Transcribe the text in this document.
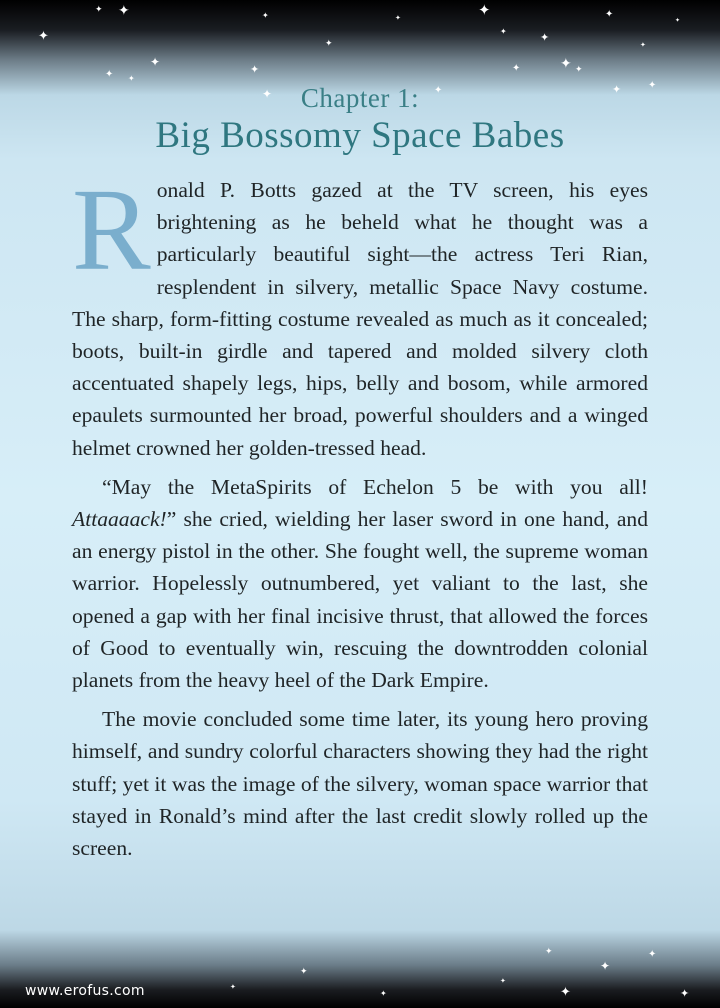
✦
✦ ✦
✦
✦ ✦
✦
✦
✦
✦
✦
✦
✦
✦
✦
✦
✦ ✦
✦
✦
✦	✦
✦
Chapter 1:
Big Bossomy Space Babes

Ronald P. Botts gazed at the TV screen, his eyes brightening as he beheld what he thought was a particularly beautiful sight—the actress Teri Rian, resplendent in silvery, metallic Space Navy costume. The sharp, form-fitting costume revealed as much as it concealed; boots, built-in girdle and tapered and molded silvery cloth accentuated shapely legs, hips, belly and bosom, while armored epaulets surmounted her broad, powerful shoulders and a winged helmet crowned her golden-tressed head.

“May the MetaSpirits of Echelon 5 be with you all! Attaaaack!” she cried, wielding her laser sword in one hand, and an energy pistol in the other. She fought well, the supreme woman warrior. Hopelessly outnumbered, yet valiant to the last, she opened a gap with her final incisive thrust, that allowed the forces of Good to eventually win, rescuing the downtrodden colonial planets from the heavy heel of the Dark Empire.

The movie concluded some time later, its young hero proving himself, and sundry colorful characters showing they had the right stuff; yet it was the image of the silvery, woman space warrior that stayed in Ronald’s mind after the last credit slowly rolled up the screen.

✦
✦
✦
✦
✦
✦
✦
✦
✦
www.erofus.com
